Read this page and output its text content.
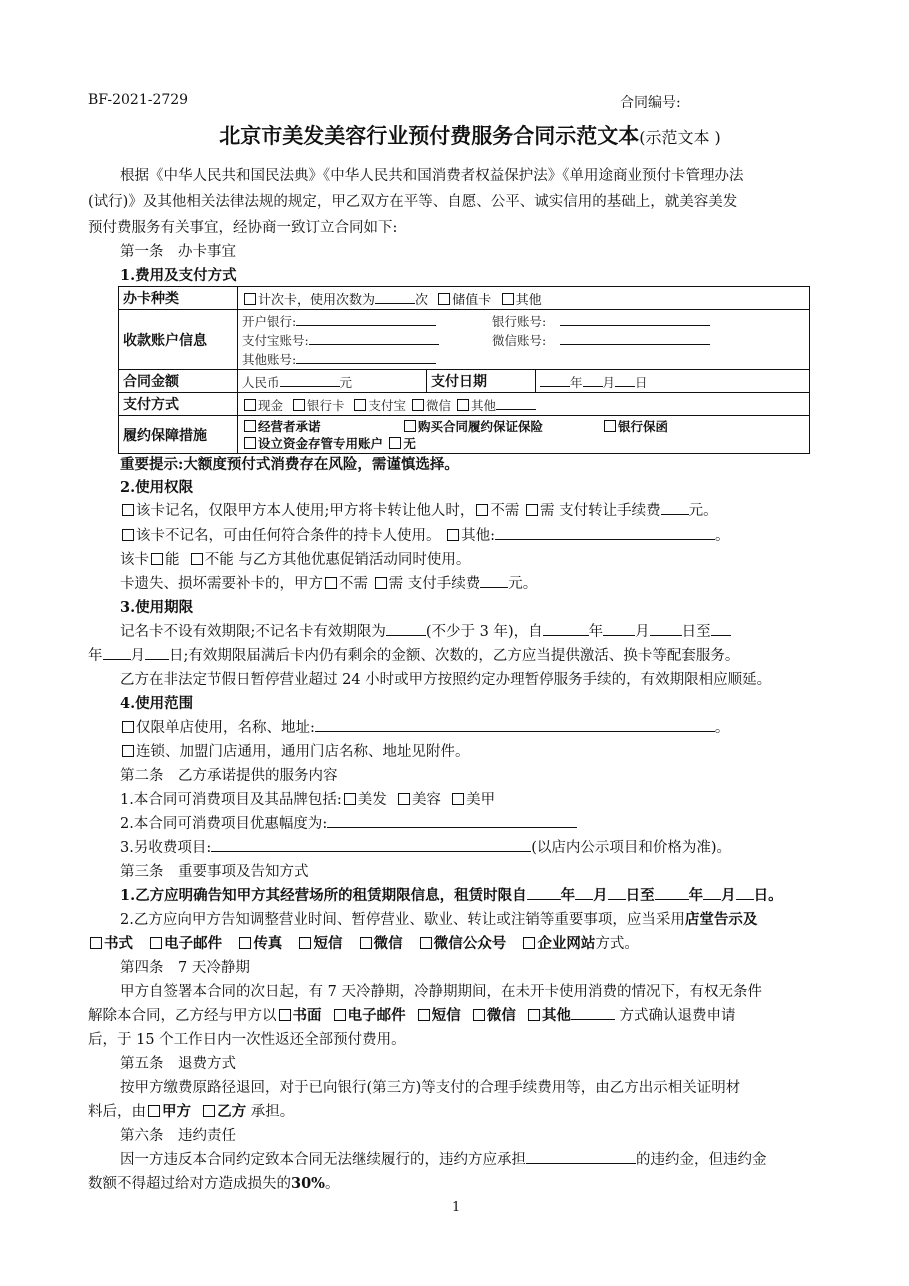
BF-2021-2729	合同编号:
北京市美发美容行业预付费服务合同示范文本(示范文本 )
根据《中华人民共和国民法典》《中华人民共和国消费者权益保护法》《单用途商业预付卡管理办法
(试行)》及其他相关法律法规的规定，甲乙双方在平等、自愿、公平、诚实信用的基础上，就美容美发
预付费服务有关事宜，经协商一致订立合同如下:
第一条　办卡事宜
1.费用及支付方式
办卡种类	计次卡，使用次数为 次 储值卡 其他		
收款账户信息	开户银行: 银行账号:
支付宝账号: 微信账号:
其他账号:		

合同金额	人民币 元	支付日期	年 月 日
支付方式	现金 银行卡 支付宝 微信 其他		
履约保障措施	经营者承诺 购买合同履约保证保险 银行保函
设立资金存管专用账户 无		
重要提示:大额度预付式消费存在风险，需谨慎选择。
2.使用权限
该卡记名，仅限甲方本人使用;甲方将卡转让他人时， 不需 需 支付转让手续费 元。
该卡不记名，可由任何符合条件的持卡人使用。 其他:	。
该卡 能 不能 与乙方其他优惠促销活动同时使用。
卡遗失、损坏需要补卡的，甲方 不需 需 支付手续费 元。
3.使用期限
记名卡不设有效期限;不记名卡有效期限为	(不少于 3 年)，自	年 月 日至
年 月 日;有效期限届满后卡内仍有剩余的金额、次数的，乙方应当提供激活、换卡等配套服务。
乙方在非法定节假日暂停营业超过 24 小时或甲方按照约定办理暂停服务手续的，有效期限相应顺延。
4.使用范围
仅限单店使用，名称、地址:	。
连锁、加盟门店通用，通用门店名称、地址见附件。
第二条　乙方承诺提供的服务内容
1.本合同可消费项目及其品牌包括: 美发 美容 美甲
2.本合同可消费项目优惠幅度为:
3.另收费项目:	(以店内公示项目和价格为准)。
第三条　重要事项及告知方式
1.乙方应明确告知甲方其经营场所的租赁期限信息，租赁时限自 年 月 日至 年 月 日。
2.乙方应向甲方告知调整营业时间、暂停营业、歇业、转让或注销等重要事项，应当采用店堂告示及
书式 电子邮件 传真 短信 微信 微信公众号 企业网站方式。
第四条　7 天冷静期
甲方自签署本合同的次日起，有 7 天冷静期，冷静期期间，在未开卡使用消费的情况下，有权无条件
解除本合同，乙方经与甲方以 书面 电子邮件 短信 微信 其他	方式确认退费申请
后，于 15 个工作日内一次性返还全部预付费用。
第五条　退费方式
按甲方缴费原路径退回，对于已向银行(第三方)等支付的合理手续费用等，由乙方出示相关证明材
料后，由 甲方 乙方 承担。
第六条　违约责任
因一方违反本合同约定致本合同无法继续履行的，违约方应承担	的违约金，但违约金
数额不得超过给对方造成损失的30%。
1
